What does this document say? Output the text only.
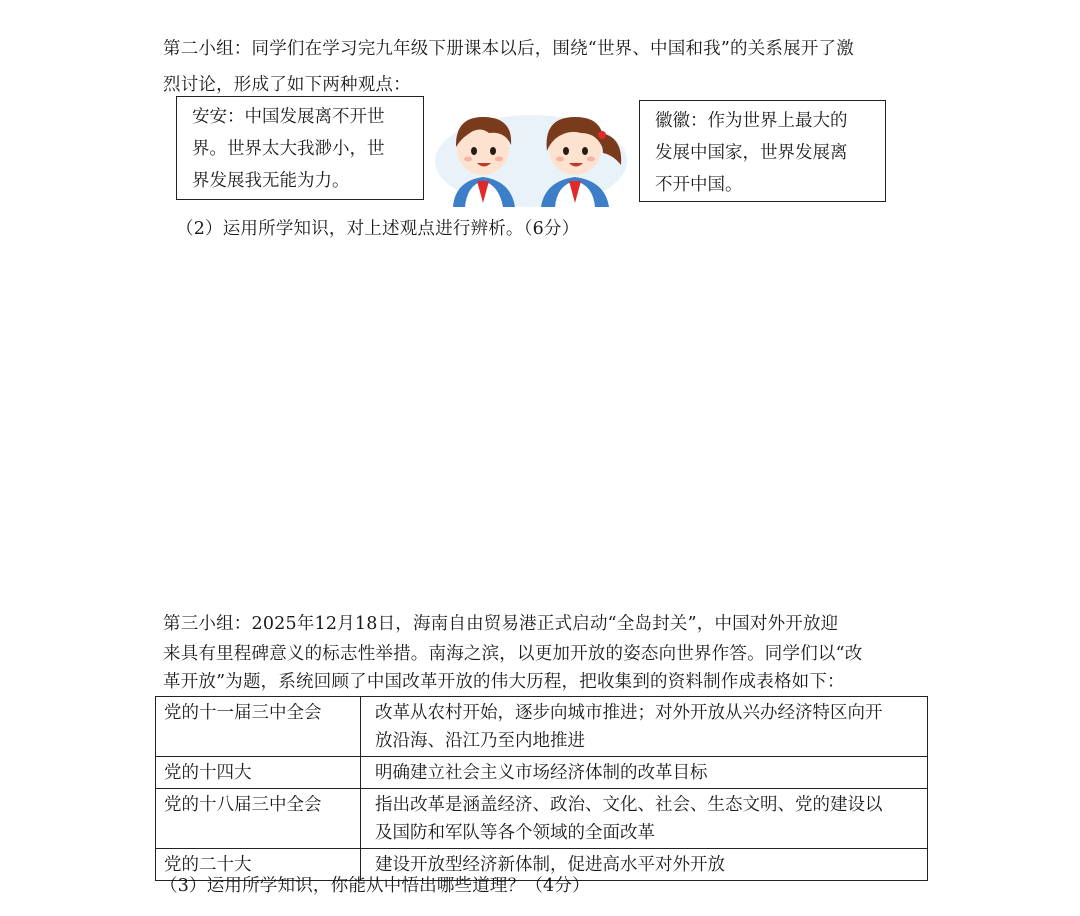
第二小组：同学们在学习完九年级下册课本以后，围绕“世界、中国和我”的关系展开了激
烈讨论，形成了如下两种观点：
安安：中国发展离不开世
界。世界太大我渺小，世
界发展我无能为力。
徽徽：作为世界上最大的
发展中国家，世界发展离
不开中国。
（2）运用所学知识，对上述观点进行辨析。（6分）
第三小组：2025年12月18日，海南自由贸易港正式启动“全岛封关”，中国对外开放迎
来具有里程碑意义的标志性举措。南海之滨，以更加开放的姿态向世界作答。同学们以“改
革开放”为题，系统回顾了中国改革开放的伟大历程，把收集到的资料制作成表格如下：
党的十一届三中全会	改革从农村开始，逐步向城市推进；对外开放从兴办经济特区向开
放沿海、沿江乃至内地推进

党的十四大	明确建立社会主义市场经济体制的改革目标

党的十八届三中全会	指出改革是涵盖经济、政治、文化、社会、生态文明、党的建设以
及国防和军队等各个领域的全面改革

党的二十大	建设开放型经济新体制，促进高水平对外开放
（3）运用所学知识，你能从中悟出哪些道理？（4分）
